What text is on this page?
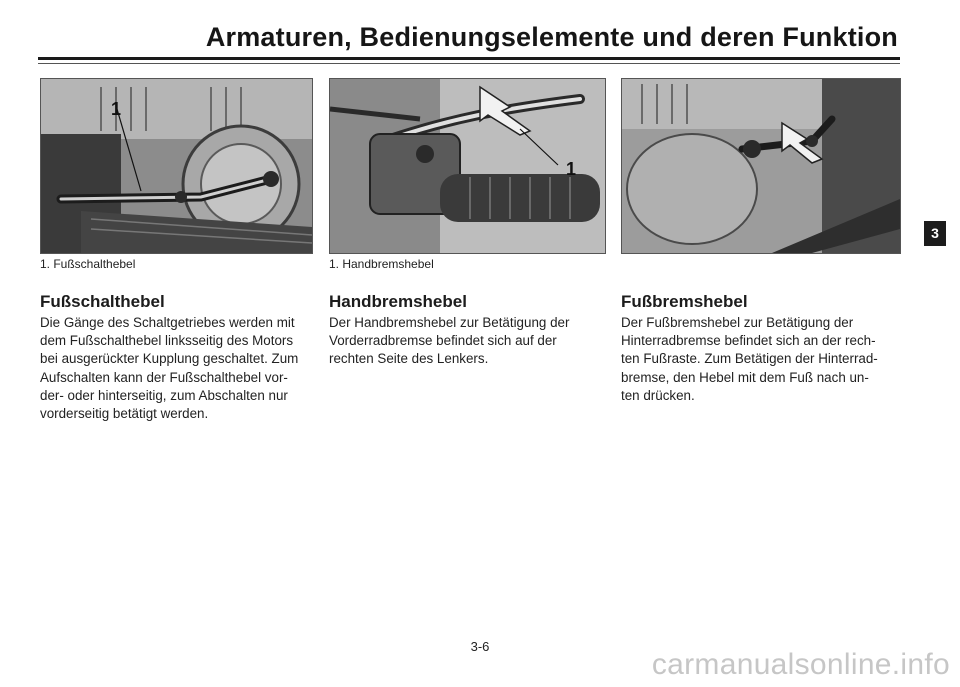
Armaturen, Bedienungselemente und deren Funktion
1
1. Fußschalthebel
1
1. Handbremshebel
3
Fußschalthebel
Die Gänge des Schaltgetriebes werden mit
dem Fußschalthebel linksseitig des Motors
bei ausgerückter Kupplung geschaltet. Zum
Aufschalten kann der Fußschalthebel vor-
der- oder hinterseitig, zum Abschalten nur
vorderseitig betätigt werden.
Handbremshebel
Der Handbremshebel zur Betätigung der
Vorderradbremse befindet sich auf der
rechten Seite des Lenkers.
Fußbremshebel
Der Fußbremshebel zur Betätigung der
Hinterradbremse befindet sich an der rech-
ten Fußraste. Zum Betätigen der Hinterrad-
bremse, den Hebel mit dem Fuß nach un-
ten drücken.
3-6
carmanualsonline.info
